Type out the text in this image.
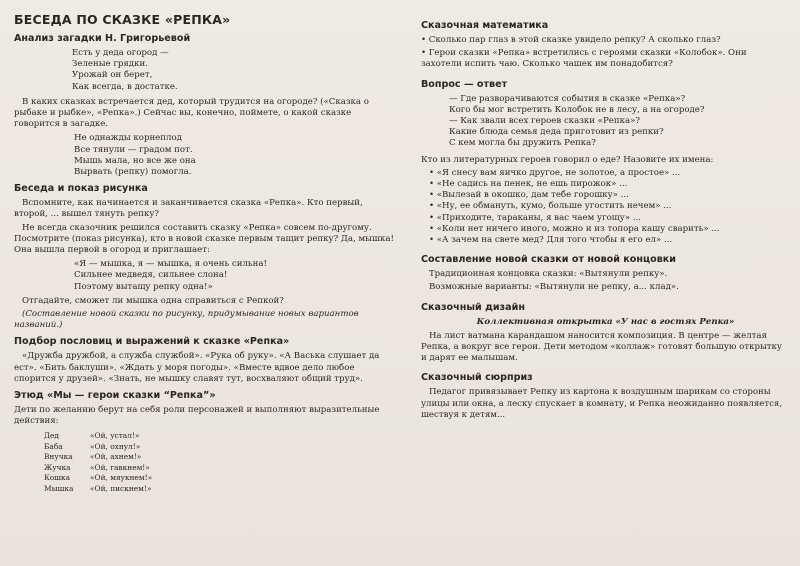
БЕСЕДА ПО СКАЗКЕ «РЕПКА»
Анализ загадки Н. Григорьевой
Есть у деда огород —
Зеленые грядки.
Урожай он берет,
Как всегда, в достатке.

В каких сказках встречается дед, который трудится на огороде? («Сказка о рыбаке и рыбке», «Репка».) Сейчас вы, конечно, поймете, о какой сказке говорится в загадке.

Не однажды корнеплод
Все тянули — градом пот.
Мышь мала, но все же она
Вырвать (репку) помогла.
Беседа и показ рисунка

Вспомните, как начинается и заканчивается сказка «Репка». Кто первый, второй, ... вышел тянуть репку?

Не всегда сказочник решился составить сказку «Репка» совсем по-другому. Посмотрите (показ рисунка), кто в новой сказке первым тащит репку? Да, мышка! Она вышла первой в огород и приглашает:

«Я — мышка, я — мышка, я очень сильна!
Сильнее медведя, сильнее слона!
Поэтому вытащу репку одна!»

Отгадайте, сможет ли мышка одна справиться с Репкой?

(Составление новой сказки по рисунку, придумывание новых вариантов названий.)

Подбор пословиц и выражений к сказке «Репка»

«Дружба дружбой, а служба службой». «Рука об руку». «А Васька слушает да ест». «Бить баклуши». «Ждать у моря погоды». «Вместе вдвое дело любое спорится у друзей». «Знать, не мышку славят тут, восхваляют общий труд».

Этюд «Мы — герои сказки “Репка”»

Дети по желанию берут на себя роли персонажей и выполняют выразительные действия:

Дед	«Ой, устал!»
Баба	«Ой, охнул!»
Внучка	«Ой, ахнем!»
Жучка	«Ой, гавкнем!»
Кошка	«Ой, мяукнем!»
Мышка	«Ой, пискнем!»
Сказочная математика

• Сколько пар глаз в этой сказке увидело репку? А сколько глаз?

• Герои сказки «Репка» встретились с героями сказки «Колобок». Они захотели испить чаю. Сколько чашек им понадобится?

Вопрос — ответ
— Где разворачиваются события в сказке «Репка»?
Кого бы мог встретить Колобок не в лесу, а на огороде?
— Как звали всех героев сказки «Репка»?
Какие блюда семья деда приготовит из репки?
С кем могла бы дружить Репка?

Кто из литературных героев говорил о еде? Назовите их имена:

• «Я снесу вам яичко другое, не золотое, а простое» ...
• «Не садись на пенек, не ешь пирожок» ...
• «Вылезай в окошко, дам тебе горошку» ...
• «Ну, ее обмануть, кумо, больше угостить нечем» ...
• «Приходите, тараканы, я вас чаем угощу» ...
• «Коли нет ничего иного, можно и из топора кашу сварить» ...
• «А зачем на свете мед? Для того чтобы я его ел» ...
Составление новой сказки от новой концовки

Традиционная концовка сказки: «Вытянули репку».

Возможные варианты: «Вытянули не репку, а... клад».

Сказочный дизайн
Коллективная открытка «У нас в гостях Репка»

На лист ватмана карандашом наносится композиция. В центре — желтая Репка, а вокруг все герои. Дети методом «коллаж» готовят большую открытку и дарят ее малышам.

Сказочный сюрприз

Педагог привязывает Репку из картона к воздушным шарикам со стороны улицы или окна, а леску спускает в комнату, и Репка неожиданно появляется, шествуя к детям...
